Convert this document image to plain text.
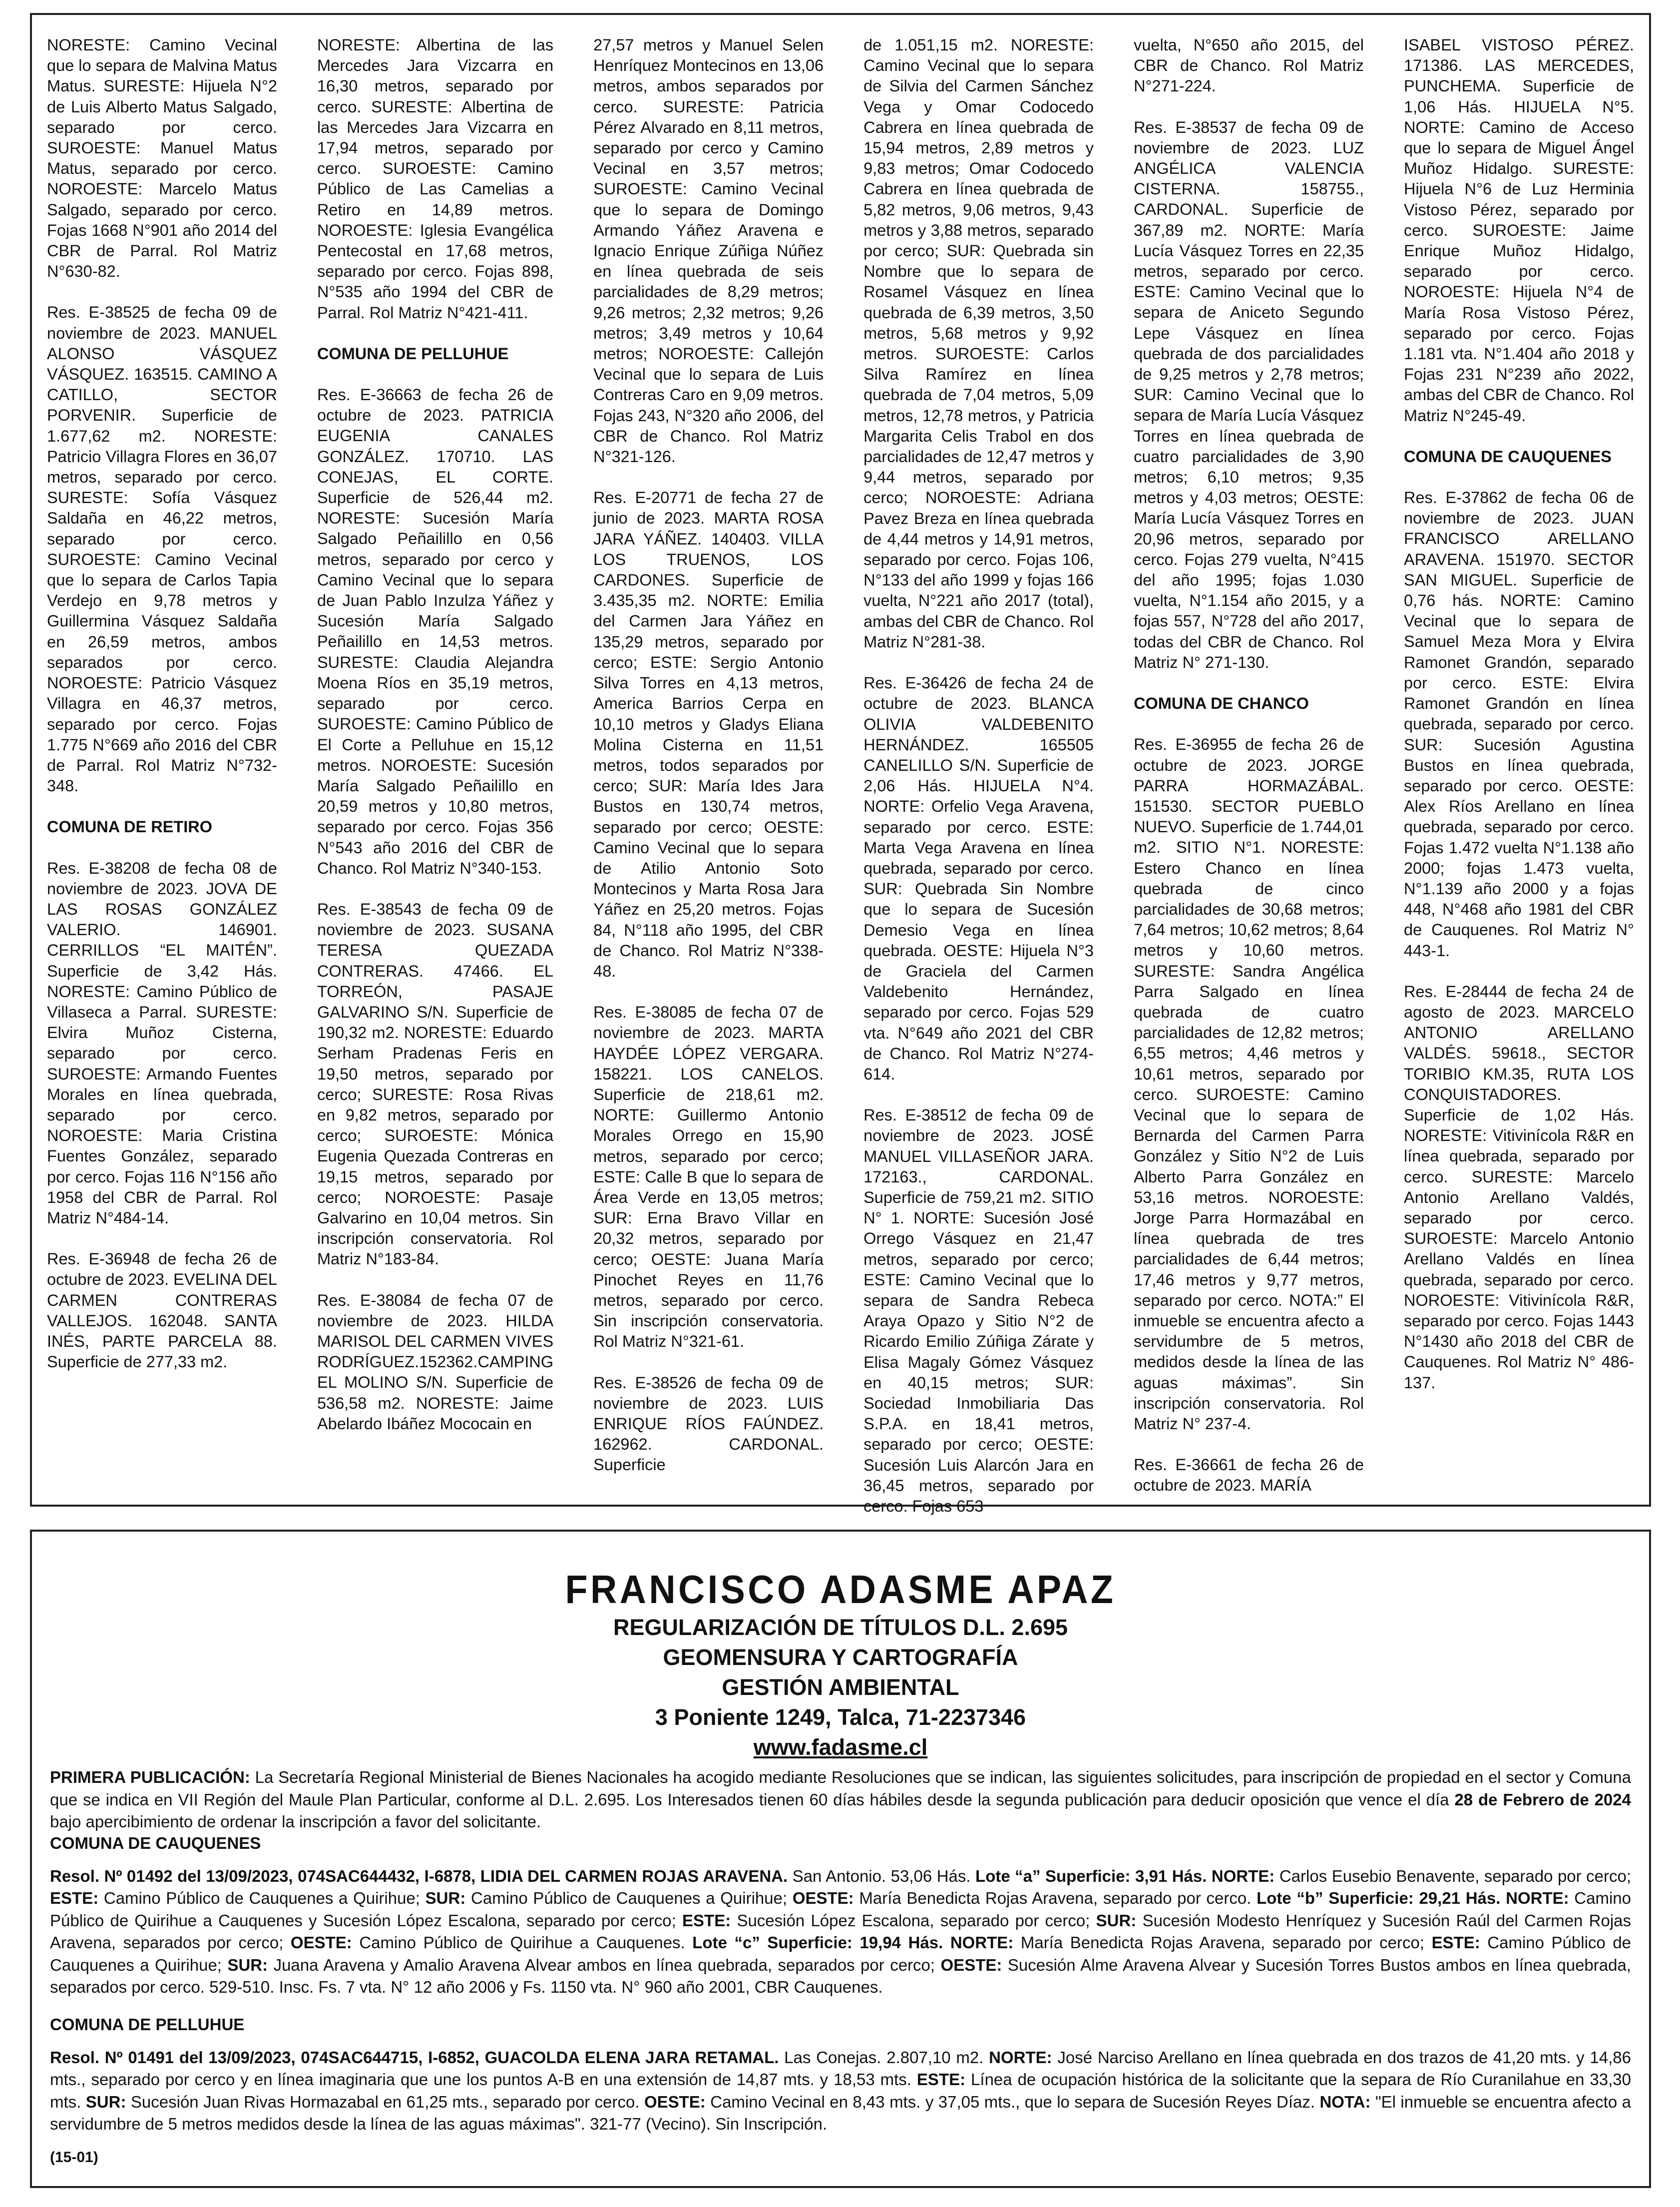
NORESTE: Camino Vecinal que lo separa de Malvina Matus Matus. SURESTE: Hijuela N°2 de Luis Alberto Matus Salgado, separado por cerco. SUROESTE: Manuel Matus Matus, separado por cerco. NOROESTE: Marcelo Matus Salgado, separado por cerco. Fojas 1668 N°901 año 2014 del CBR de Parral. Rol Matriz N°630-82.
Res. E-38525 de fecha 09 de noviembre de 2023. MANUEL ALONSO VÁSQUEZ VÁSQUEZ. 163515. CAMINO A CATILLO, SECTOR PORVENIR. Superficie de 1.677,62 m2. NORESTE: Patricio Villagra Flores en 36,07 metros, separado por cerco. SURESTE: Sofía Vásquez Saldaña en 46,22 metros, separado por cerco. SUROESTE: Camino Vecinal que lo separa de Carlos Tapia Verdejo en 9,78 metros y Guillermina Vásquez Saldaña en 26,59 metros, ambos separados por cerco. NOROESTE: Patricio Vásquez Villagra en 46,37 metros, separado por cerco. Fojas 1.775 N°669 año 2016 del CBR de Parral. Rol Matriz N°732-348.
COMUNA DE RETIRO
Res. E-38208 de fecha 08 de noviembre de 2023. JOVA DE LAS ROSAS GONZÁLEZ VALERIO. 146901. CERRILLOS “EL MAITÉN”. Superficie de 3,42 Hás. NORESTE: Camino Público de Villaseca a Parral. SURESTE: Elvira Muñoz Cisterna, separado por cerco. SUROESTE: Armando Fuentes Morales en línea quebrada, separado por cerco. NOROESTE: Maria Cristina Fuentes González, separado por cerco. Fojas 116 N°156 año 1958 del CBR de Parral. Rol Matriz N°484-14.
Res. E-36948 de fecha 26 de octubre de 2023. EVELINA DEL CARMEN CONTRERAS VALLEJOS. 162048. SANTA INÉS, PARTE PARCELA 88. Superficie de 277,33 m2.
NORESTE: Albertina de las Mercedes Jara Vizcarra en 16,30 metros, separado por cerco. SURESTE: Albertina de las Mercedes Jara Vizcarra en 17,94 metros, separado por cerco. SUROESTE: Camino Público de Las Camelias a Retiro en 14,89 metros. NOROESTE: Iglesia Evangélica Pentecostal en 17,68 metros, separado por cerco. Fojas 898, N°535 año 1994 del CBR de Parral. Rol Matriz N°421-411.
COMUNA DE PELLUHUE
Res. E-36663 de fecha 26 de octubre de 2023. PATRICIA EUGENIA CANALES GONZÁLEZ. 170710. LAS CONEJAS, EL CORTE. Superficie de 526,44 m2. NORESTE: Sucesión María Salgado Peñailillo en 0,56 metros, separado por cerco y Camino Vecinal que lo separa de Juan Pablo Inzulza Yáñez y Sucesión María Salgado Peñailillo en 14,53 metros. SURESTE: Claudia Alejandra Moena Ríos en 35,19 metros, separado por cerco. SUROESTE: Camino Público de El Corte a Pelluhue en 15,12 metros. NOROESTE: Sucesión María Salgado Peñailillo en 20,59 metros y 10,80 metros, separado por cerco. Fojas 356 N°543 año 2016 del CBR de Chanco. Rol Matriz N°340-153.
Res. E-38543 de fecha 09 de noviembre de 2023. SUSANA TERESA QUEZADA CONTRERAS. 47466. EL TORREÓN, PASAJE GALVARINO S/N. Superficie de 190,32 m2. NORESTE: Eduardo Serham Pradenas Feris en 19,50 metros, separado por cerco; SURESTE: Rosa Rivas en 9,82 metros, separado por cerco; SUROESTE: Mónica Eugenia Quezada Contreras en 19,15 metros, separado por cerco; NOROESTE: Pasaje Galvarino en 10,04 metros. Sin inscripción conservatoria. Rol Matriz N°183-84.
Res. E-38084 de fecha 07 de noviembre de 2023. HILDA MARISOL DEL CARMEN VIVES RODRÍGUEZ.152362.CAMPING EL MOLINO S/N. Superficie de 536,58 m2. NORESTE: Jaime Abelardo Ibáñez Mococain en
27,57 metros y Manuel Selen Henríquez Montecinos en 13,06 metros, ambos separados por cerco. SURESTE: Patricia Pérez Alvarado en 8,11 metros, separado por cerco y Camino Vecinal en 3,57 metros; SUROESTE: Camino Vecinal que lo separa de Domingo Armando Yáñez Aravena e Ignacio Enrique Zúñiga Núñez en línea quebrada de seis parcialidades de 8,29 metros; 9,26 metros; 2,32 metros; 9,26 metros; 3,49 metros y 10,64 metros; NOROESTE: Callejón Vecinal que lo separa de Luis Contreras Caro en 9,09 metros. Fojas 243, N°320 año 2006, del CBR de Chanco. Rol Matriz N°321-126.
Res. E-20771 de fecha 27 de junio de 2023. MARTA ROSA JARA YÁÑEZ. 140403. VILLA LOS TRUENOS, LOS CARDONES. Superficie de 3.435,35 m2. NORTE: Emilia del Carmen Jara Yáñez en 135,29 metros, separado por cerco; ESTE: Sergio Antonio Silva Torres en 4,13 metros, America Barrios Cerpa en 10,10 metros y Gladys Eliana Molina Cisterna en 11,51 metros, todos separados por cerco; SUR: María Ides Jara Bustos en 130,74 metros, separado por cerco; OESTE: Camino Vecinal que lo separa de Atilio Antonio Soto Montecinos y Marta Rosa Jara Yáñez en 25,20 metros. Fojas 84, N°118 año 1995, del CBR de Chanco. Rol Matriz N°338-48.
Res. E-38085 de fecha 07 de noviembre de 2023. MARTA HAYDÉE LÓPEZ VERGARA. 158221. LOS CANELOS. Superficie de 218,61 m2. NORTE: Guillermo Antonio Morales Orrego en 15,90 metros, separado por cerco; ESTE: Calle B que lo separa de Área Verde en 13,05 metros; SUR: Erna Bravo Villar en 20,32 metros, separado por cerco; OESTE: Juana María Pinochet Reyes en 11,76 metros, separado por cerco. Sin inscripción conservatoria. Rol Matriz N°321-61.
Res. E-38526 de fecha 09 de noviembre de 2023. LUIS ENRIQUE RÍOS FAÚNDEZ. 162962. CARDONAL. Superficie
de 1.051,15 m2. NORESTE: Camino Vecinal que lo separa de Silvia del Carmen Sánchez Vega y Omar Codocedo Cabrera en línea quebrada de 15,94 metros, 2,89 metros y 9,83 metros; Omar Codocedo Cabrera en línea quebrada de 5,82 metros, 9,06 metros, 9,43 metros y 3,88 metros, separado por cerco; SUR: Quebrada sin Nombre que lo separa de Rosamel Vásquez en línea quebrada de 6,39 metros, 3,50 metros, 5,68 metros y 9,92 metros. SUROESTE: Carlos Silva Ramírez en línea quebrada de 7,04 metros, 5,09 metros, 12,78 metros, y Patricia Margarita Celis Trabol en dos parcialidades de 12,47 metros y 9,44 metros, separado por cerco; NOROESTE: Adriana Pavez Breza en línea quebrada de 4,44 metros y 14,91 metros, separado por cerco. Fojas 106, N°133 del año 1999 y fojas 166 vuelta, N°221 año 2017 (total), ambas del CBR de Chanco. Rol Matriz N°281-38.
Res. E-36426 de fecha 24 de octubre de 2023. BLANCA OLIVIA VALDEBENITO HERNÁNDEZ. 165505 CANELILLO S/N. Superficie de 2,06 Hás. HIJUELA N°4. NORTE: Orfelio Vega Aravena, separado por cerco. ESTE: Marta Vega Aravena en línea quebrada, separado por cerco. SUR: Quebrada Sin Nombre que lo separa de Sucesión Demesio Vega en línea quebrada. OESTE: Hijuela N°3 de Graciela del Carmen Valdebenito Hernández, separado por cerco. Fojas 529 vta. N°649 año 2021 del CBR de Chanco. Rol Matriz N°274-614.
Res. E-38512 de fecha 09 de noviembre de 2023. JOSÉ MANUEL VILLASEÑOR JARA. 172163., CARDONAL. Superficie de 759,21 m2. SITIO N° 1. NORTE: Sucesión José Orrego Vásquez en 21,47 metros, separado por cerco; ESTE: Camino Vecinal que lo separa de Sandra Rebeca Araya Opazo y Sitio N°2 de Ricardo Emilio Zúñiga Zárate y Elisa Magaly Gómez Vásquez en 40,15 metros; SUR: Sociedad Inmobiliaria Das S.P.A. en 18,41 metros, separado por cerco; OESTE: Sucesión Luis Alarcón Jara en 36,45 metros, separado por cerco. Fojas 653
vuelta, N°650 año 2015, del CBR de Chanco. Rol Matriz N°271-224.
Res. E-38537 de fecha 09 de noviembre de 2023. LUZ ANGÉLICA VALENCIA CISTERNA. 158755., CARDONAL. Superficie de 367,89 m2. NORTE: María Lucía Vásquez Torres en 22,35 metros, separado por cerco. ESTE: Camino Vecinal que lo separa de Aniceto Segundo Lepe Vásquez en línea quebrada de dos parcialidades de 9,25 metros y 2,78 metros; SUR: Camino Vecinal que lo separa de María Lucía Vásquez Torres en línea quebrada de cuatro parcialidades de 3,90 metros; 6,10 metros; 9,35 metros y 4,03 metros; OESTE: María Lucía Vásquez Torres en 20,96 metros, separado por cerco. Fojas 279 vuelta, N°415 del año 1995; fojas 1.030 vuelta, N°1.154 año 2015, y a fojas 557, N°728 del año 2017, todas del CBR de Chanco. Rol Matriz N° 271-130.
COMUNA DE CHANCO
Res. E-36955 de fecha 26 de octubre de 2023. JORGE PARRA HORMAZÁBAL. 151530. SECTOR PUEBLO NUEVO. Superficie de 1.744,01 m2. SITIO N°1. NORESTE: Estero Chanco en línea quebrada de cinco parcialidades de 30,68 metros; 7,64 metros; 10,62 metros; 8,64 metros y 10,60 metros. SURESTE: Sandra Angélica Parra Salgado en línea quebrada de cuatro parcialidades de 12,82 metros; 6,55 metros; 4,46 metros y 10,61 metros, separado por cerco. SUROESTE: Camino Vecinal que lo separa de Bernarda del Carmen Parra González y Sitio N°2 de Luis Alberto Parra González en 53,16 metros. NOROESTE: Jorge Parra Hormazábal en línea quebrada de tres parcialidades de 6,44 metros; 17,46 metros y 9,77 metros, separado por cerco. NOTA:” El inmueble se encuentra afecto a servidumbre de 5 metros, medidos desde la línea de las aguas máximas”. Sin inscripción conservatoria. Rol Matriz N° 237-4.
Res. E-36661 de fecha 26 de octubre de 2023. MARÍA
ISABEL VISTOSO PÉREZ. 171386. LAS MERCEDES, PUNCHEMA. Superficie de 1,06 Hás. HIJUELA N°5. NORTE: Camino de Acceso que lo separa de Miguel Ángel Muñoz Hidalgo. SURESTE: Hijuela N°6 de Luz Herminia Vistoso Pérez, separado por cerco. SUROESTE: Jaime Enrique Muñoz Hidalgo, separado por cerco. NOROESTE: Hijuela N°4 de María Rosa Vistoso Pérez, separado por cerco. Fojas 1.181 vta. N°1.404 año 2018 y Fojas 231 N°239 año 2022, ambas del CBR de Chanco. Rol Matriz N°245-49.
COMUNA DE CAUQUENES
Res. E-37862 de fecha 06 de noviembre de 2023. JUAN FRANCISCO ARELLANO ARAVENA. 151970. SECTOR SAN MIGUEL. Superficie de 0,76 hás. NORTE: Camino Vecinal que lo separa de Samuel Meza Mora y Elvira Ramonet Grandón, separado por cerco. ESTE: Elvira Ramonet Grandón en línea quebrada, separado por cerco. SUR: Sucesión Agustina Bustos en línea quebrada, separado por cerco. OESTE: Alex Ríos Arellano en línea quebrada, separado por cerco. Fojas 1.472 vuelta N°1.138 año 2000; fojas 1.473 vuelta, N°1.139 año 2000 y a fojas 448, N°468 año 1981 del CBR de Cauquenes. Rol Matriz N° 443-1.
Res. E-28444 de fecha 24 de agosto de 2023. MARCELO ANTONIO ARELLANO VALDÉS. 59618., SECTOR TORIBIO KM.35, RUTA LOS CONQUISTADORES. Superficie de 1,02 Hás. NORESTE: Vitivinícola R&R en línea quebrada, separado por cerco. SURESTE: Marcelo Antonio Arellano Valdés, separado por cerco. SUROESTE: Marcelo Antonio Arellano Valdés en línea quebrada, separado por cerco. NOROESTE: Vitivinícola R&R, separado por cerco. Fojas 1443 N°1430 año 2018 del CBR de Cauquenes. Rol Matriz N° 486-137.
FRANCISCO ADASME APAZ
REGULARIZACIÓN DE TÍTULOS D.L. 2.695
GEOMENSURA Y CARTOGRAFÍA
GESTIÓN AMBIENTAL
3 Poniente 1249, Talca, 71-2237346
www.fadasme.cl

PRIMERA PUBLICACIÓN: La Secretaría Regional Ministerial de Bienes Nacionales ha acogido mediante Resoluciones que se indican, las siguientes solicitudes, para inscripción de propiedad en el sector y Comuna que se indica en VII Región del Maule Plan Particular, conforme al D.L. 2.695. Los Interesados tienen 60 días hábiles desde la segunda publicación para deducir oposición que vence el día 28 de Febrero de 2024 bajo apercibimiento de ordenar la inscripción a favor del solicitante.

COMUNA DE CAUQUENES

Resol. Nº 01492 del 13/09/2023, 074SAC644432, I-6878, LIDIA DEL CARMEN ROJAS ARAVENA. San Antonio. 53,06 Hás. Lote “a” Superficie: 3,91 Hás. NORTE: Carlos Eusebio Benavente, separado por cerco; ESTE: Camino Público de Cauquenes a Quirihue; SUR: Camino Público de Cauquenes a Quirihue; OESTE: María Benedicta Rojas Aravena, separado por cerco. Lote “b” Superficie: 29,21 Hás. NORTE: Camino Público de Quirihue a Cauquenes y Sucesión López Escalona, separado por cerco; ESTE: Sucesión López Escalona, separado por cerco; SUR: Sucesión Modesto Henríquez y Sucesión Raúl del Carmen Rojas Aravena, separados por cerco; OESTE: Camino Público de Quirihue a Cauquenes. Lote “c” Superficie: 19,94 Hás. NORTE: María Benedicta Rojas Aravena, separado por cerco; ESTE: Camino Público de Cauquenes a Quirihue; SUR: Juana Aravena y Amalio Aravena Alvear ambos en línea quebrada, separados por cerco; OESTE: Sucesión Alme Aravena Alvear y Sucesión Torres Bustos ambos en línea quebrada, separados por cerco. 529-510. Insc. Fs. 7 vta. N° 12 año 2006 y Fs. 1150 vta. N° 960 año 2001, CBR Cauquenes.

COMUNA DE PELLUHUE

Resol. Nº 01491 del 13/09/2023, 074SAC644715, I-6852, GUACOLDA ELENA JARA RETAMAL. Las Conejas. 2.807,10 m2. NORTE: José Narciso Arellano en línea quebrada en dos trazos de 41,20 mts. y 14,86 mts., separado por cerco y en línea imaginaria que une los puntos A-B en una extensión de 14,87 mts. y 18,53 mts. ESTE: Línea de ocupación histórica de la solicitante que la separa de Río Curanilahue en 33,30 mts. SUR: Sucesión Juan Rivas Hormazabal en 61,25 mts., separado por cerco. OESTE: Camino Vecinal en 8,43 mts. y 37,05 mts., que lo separa de Sucesión Reyes Díaz. NOTA: "El inmueble se encuentra afecto a servidumbre de 5 metros medidos desde la línea de las aguas máximas". 321-77 (Vecino). Sin Inscripción.

(15-01)
